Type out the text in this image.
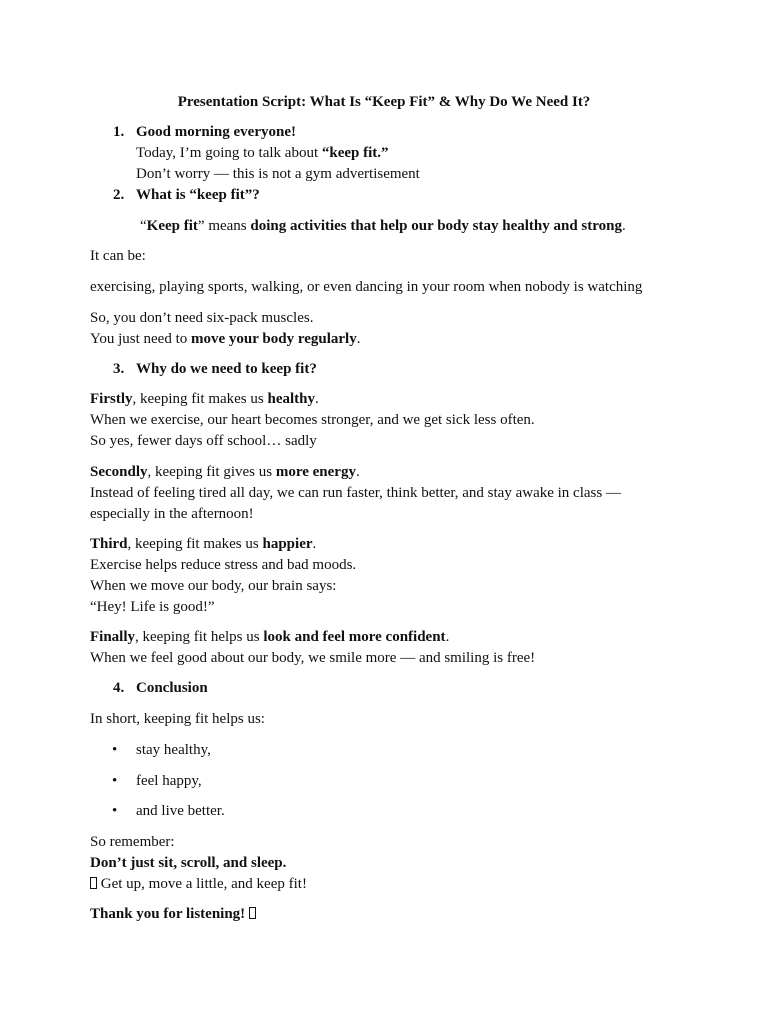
Presentation Script: What Is “Keep Fit” & Why Do We Need It?
1. Good morning everyone!
Today, I’m going to talk about “keep fit.”
Don’t worry — this is not a gym advertisement
2. What is “keep fit”?
“Keep fit” means doing activities that help our body stay healthy and strong.
It can be:
exercising, playing sports, walking, or even dancing in your room when nobody is watching
So, you don’t need six-pack muscles.
You just need to move your body regularly.
3. Why do we need to keep fit?
Firstly, keeping fit makes us healthy.
When we exercise, our heart becomes stronger, and we get sick less often.
So yes, fewer days off school… sadly
Secondly, keeping fit gives us more energy.
Instead of feeling tired all day, we can run faster, think better, and stay awake in class —
especially in the afternoon!
Third, keeping fit makes us happier.
Exercise helps reduce stress and bad moods.
When we move our body, our brain says:
“Hey! Life is good!”
Finally, keeping fit helps us look and feel more confident.
When we feel good about our body, we smile more — and smiling is free!
4. Conclusion
In short, keeping fit helps us:
• stay healthy,
• feel happy,
• and live better.
So remember:
Don’t just sit, scroll, and sleep.
Get up, move a little, and keep fit!
Thank you for listening!
